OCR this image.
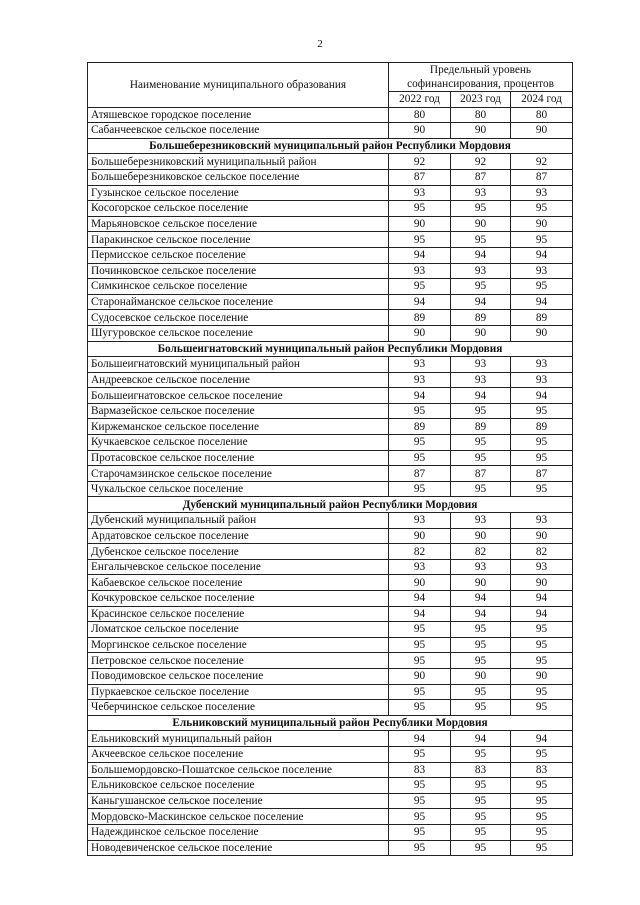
2
Наименование муниципального образования	Предельный уровень
софинансирования, процентов		

	2022 год	2023 год	2024 год
Атяшевское городское поселение	80	80	80
Сабанчеевское сельское поселение	90	90	90
Большеберезниковский муниципальный район Республики Мордовия			
Большеберезниковский муниципальный район	92	92	92
Большеберезниковское сельское поселение	87	87	87
Гузынское сельское поселение	93	93	93
Косогорское сельское поселение	95	95	95
Марьяновское сельское поселение	90	90	90
Паракинское сельское поселение	95	95	95
Пермисское сельское поселение	94	94	94
Починковское сельское поселение	93	93	93
Симкинское сельское поселение	95	95	95
Старонайманское сельское поселение	94	94	94
Судосевское сельское поселение	89	89	89
Шугуровское сельское поселение	90	90	90
Большеигнатовский муниципальный район Республики Мордовия			
Большеигнатовский муниципальный район	93	93	93
Андреевское сельское поселение	93	93	93
Большеигнатовское сельское поселение	94	94	94
Вармазейское сельское поселение	95	95	95
Киржеманское сельское поселение	89	89	89
Кучкаевское сельское поселение	95	95	95
Протасовское сельское поселение	95	95	95
Старочамзинское сельское поселение	87	87	87
Чукальское сельское поселение	95	95	95
Дубенский муниципальный район Республики Мордовия			
Дубенский муниципальный район	93	93	93
Ардатовское сельское поселение	90	90	90
Дубенское сельское поселение	82	82	82
Енгалычевское сельское поселение	93	93	93
Кабаевское сельское поселение	90	90	90
Кочкуровское сельское поселение	94	94	94
Красинское сельское поселение	94	94	94
Ломатское сельское поселение	95	95	95
Моргинское сельское поселение	95	95	95
Петровское сельское поселение	95	95	95
Поводимовское сельское поселение	90	90	90
Пуркаевское сельское поселение	95	95	95
Чеберчинское сельское поселение	95	95	95
Ельниковский муниципальный район Республики Мордовия			
Ельниковский муниципальный район	94	94	94
Акчеевское сельское поселение	95	95	95
Большемордовско-Пошатское сельское поселение	83	83	83
Ельниковское сельское поселение	95	95	95
Каньгушанское сельское поселение	95	95	95
Мордовско-Маскинское сельское поселение	95	95	95
Надеждинское сельское поселение	95	95	95
Новодевиченское сельское поселение	95	95	95
